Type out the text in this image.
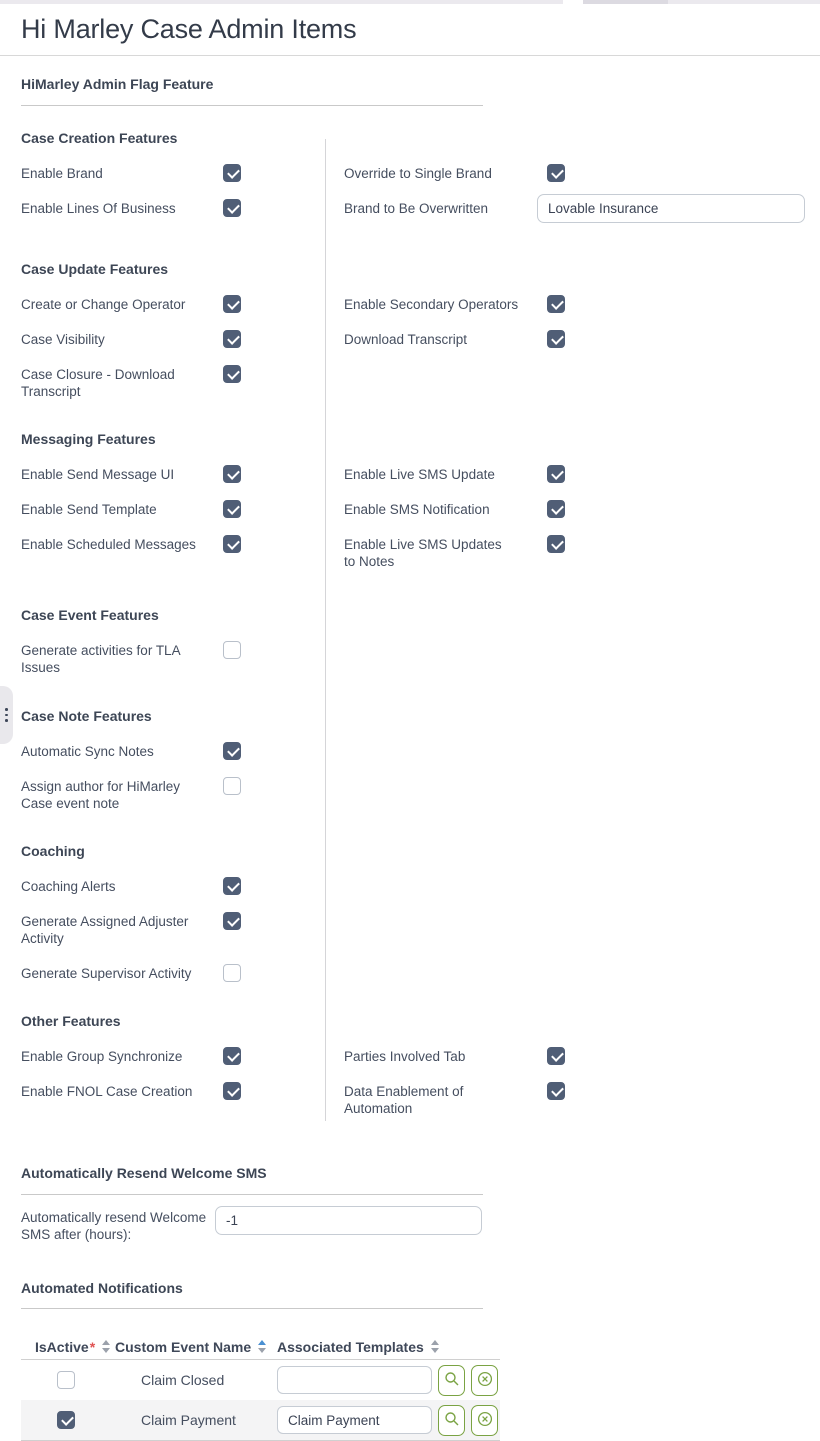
Hi Marley Case Admin Items
HiMarley Admin Flag Feature
Case Creation Features
Enable Brand
Enable Lines Of Business
Override to Single Brand
Brand to Be Overwritten
Lovable Insurance
Case Update Features
Create or Change Operator
Case Visibility
Case Closure - Download Transcript
Enable Secondary Operators
Download Transcript
Messaging Features
Enable Send Message UI
Enable Send Template
Enable Scheduled Messages
Enable Live SMS Update
Enable SMS Notification
Enable Live SMS Updates to Notes
Case Event Features
Generate activities for TLA Issues
Case Note Features
Automatic Sync Notes
Assign author for HiMarley Case event note
Coaching
Coaching Alerts
Generate Assigned Adjuster Activity
Generate Supervisor Activity
Other Features
Enable Group Synchronize
Enable FNOL Case Creation
Parties Involved Tab
Data Enablement of Automation
Automatically Resend Welcome SMS
Automatically resend Welcome SMS after (hours):
-1
Automated Notifications
IsActive * Custom Event Name Associated Templates
Claim Closed
Claim Payment
Claim Payment
